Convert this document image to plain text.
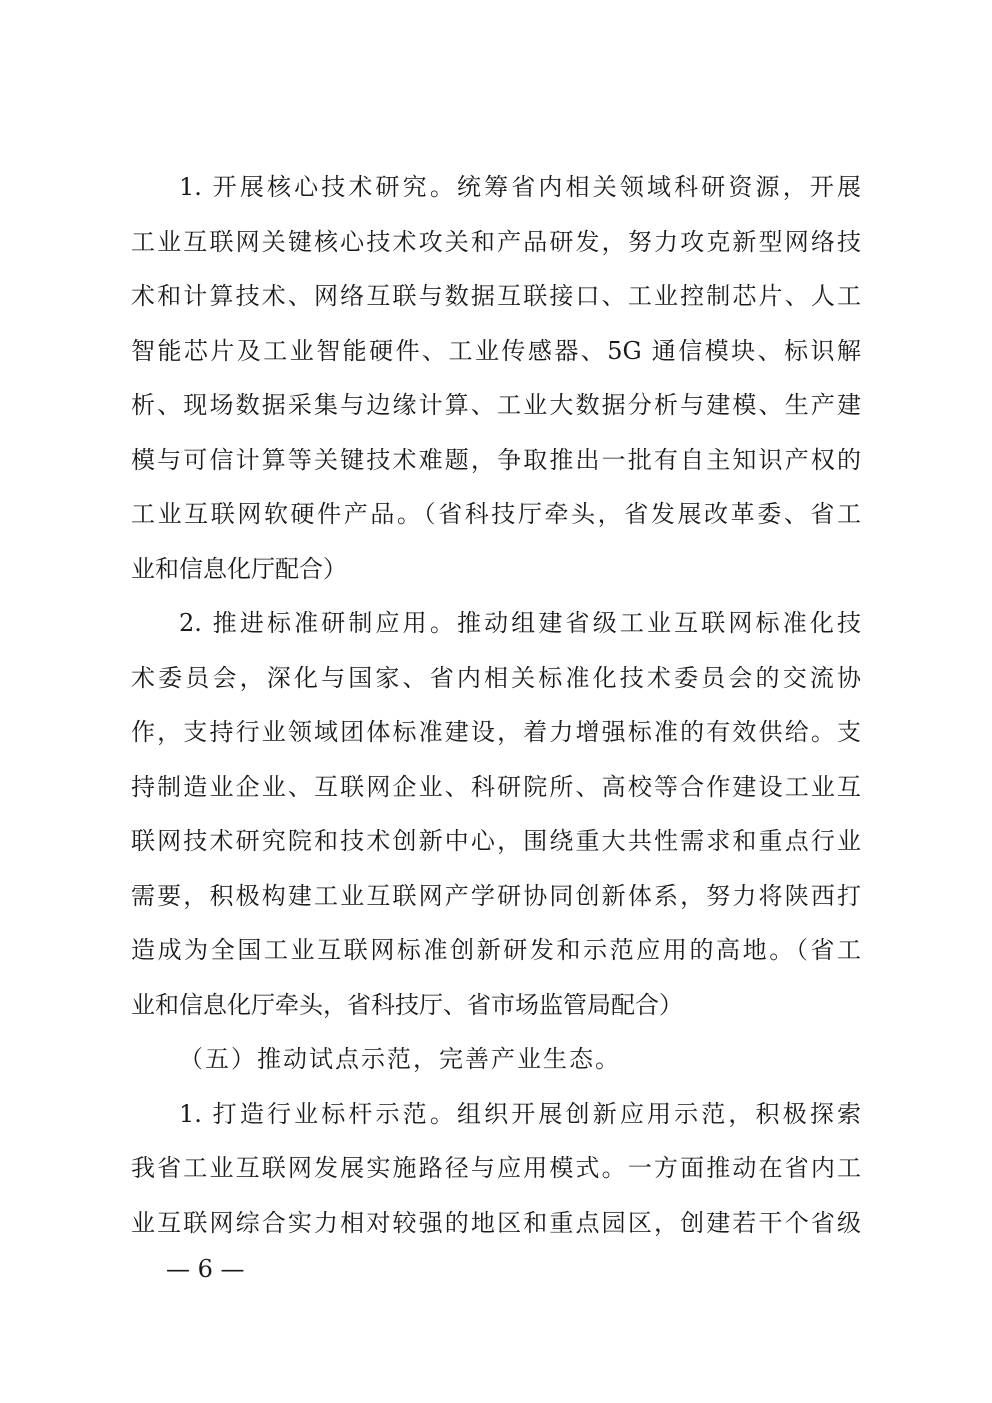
1. 开展核心技术研究。统筹省内相关领域科研资源，开展
工业互联网关键核心技术攻关和产品研发，努力攻克新型网络技
术和计算技术、网络互联与数据互联接口、工业控制芯片、人工
智能芯片及工业智能硬件、工业传感器、5G 通信模块、标识解
析、现场数据采集与边缘计算、工业大数据分析与建模、生产建
模与可信计算等关键技术难题，争取推出一批有自主知识产权的
工业互联网软硬件产品。（省科技厅牵头，省发展改革委、省工
业和信息化厅配合）
2. 推进标准研制应用。推动组建省级工业互联网标准化技
术委员会，深化与国家、省内相关标准化技术委员会的交流协
作，支持行业领域团体标准建设，着力增强标准的有效供给。支
持制造业企业、互联网企业、科研院所、高校等合作建设工业互
联网技术研究院和技术创新中心，围绕重大共性需求和重点行业
需要，积极构建工业互联网产学研协同创新体系，努力将陕西打
造成为全国工业互联网标准创新研发和示范应用的高地。（省工
业和信息化厅牵头，省科技厅、省市场监管局配合）
（五）推动试点示范，完善产业生态。
1. 打造行业标杆示范。组织开展创新应用示范，积极探索
我省工业互联网发展实施路径与应用模式。一方面推动在省内工
业互联网综合实力相对较强的地区和重点园区，创建若干个省级
— 6 —
